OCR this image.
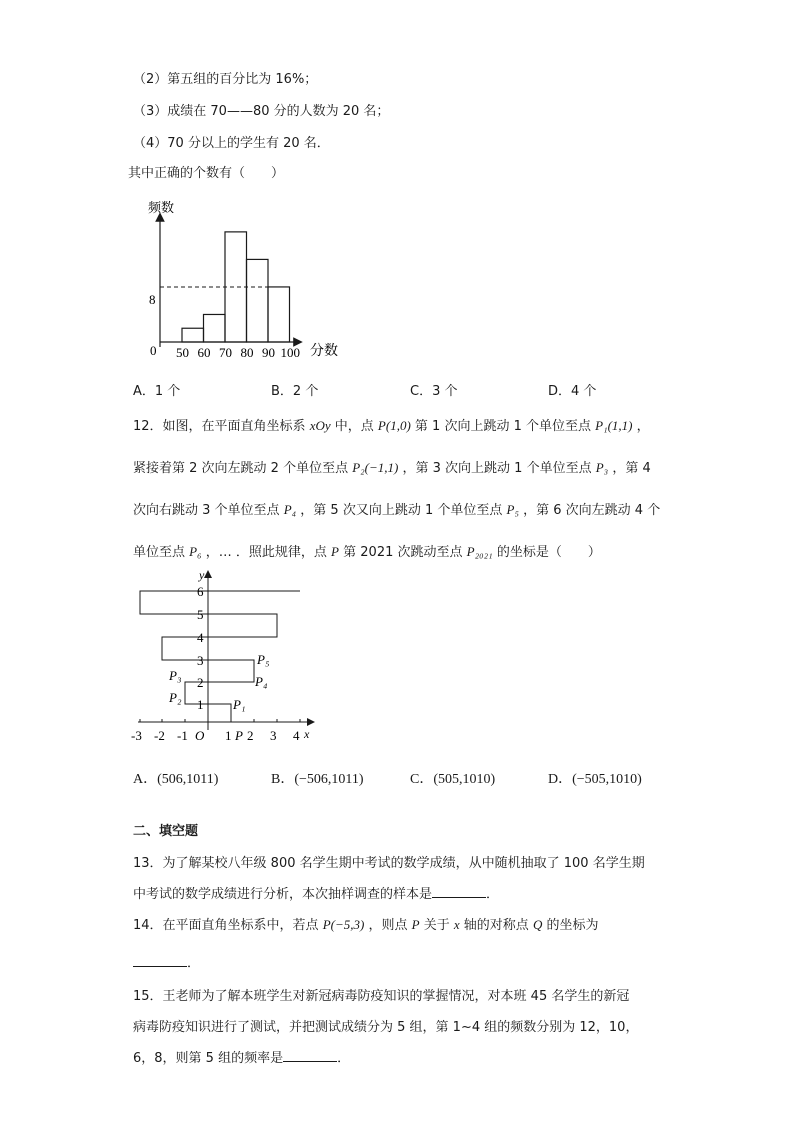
（2）第五组的百分比为 16%；
（3）成绩在 70——80 分的人数为 20 名；
（4）70 分以上的学生有 20 名．
其中正确的个数有（　　）
频数
0
8
50 60 70 80 90 100 分数
A．1 个	B．2 个	C．3 个	D．4 个
12．如图，在平面直角坐标系 xOy 中，点 P(1,0) 第 1 次向上跳动 1 个单位至点 P₁(1,1) ，
紧接着第 2 次向左跳动 2 个单位至点 P₂(−1,1) ，第 3 次向上跳动 1 个单位至点 P₃ ，第 4
次向右跳动 3 个单位至点 P₄ ，第 5 次又向上跳动 1 个单位至点 P₅ ，第 6 次向左跳动 4 个
单位至点 P₆ ，… ．照此规律，点 P 第 2021 次跳动至点 P₂₀₂₁ 的坐标是（　　）
y
x
1
2
3
4
5
6
-3 -2 -1 O 1 P 2 3 4
P₁
P₂
P₃	P₄
P₅
A．(506,1011)	B．(−506,1011)	C．(505,1010)	D．(−505,1010)
二、填空题
13．为了解某校八年级 800 名学生期中考试的数学成绩，从中随机抽取了 100 名学生期
中考试的数学成绩进行分析，本次抽样调查的样本是	．
14．在平面直角坐标系中，若点 P(−5,3) ，则点 P 关于 x 轴的对称点 Q 的坐标为
．
15．王老师为了解本班学生对新冠病毒防疫知识的掌握情况，对本班 45 名学生的新冠
病毒防疫知识进行了测试，并把测试成绩分为 5 组，第 1~4 组的频数分别为 12，10，
6，8，则第 5 组的频率是	．
